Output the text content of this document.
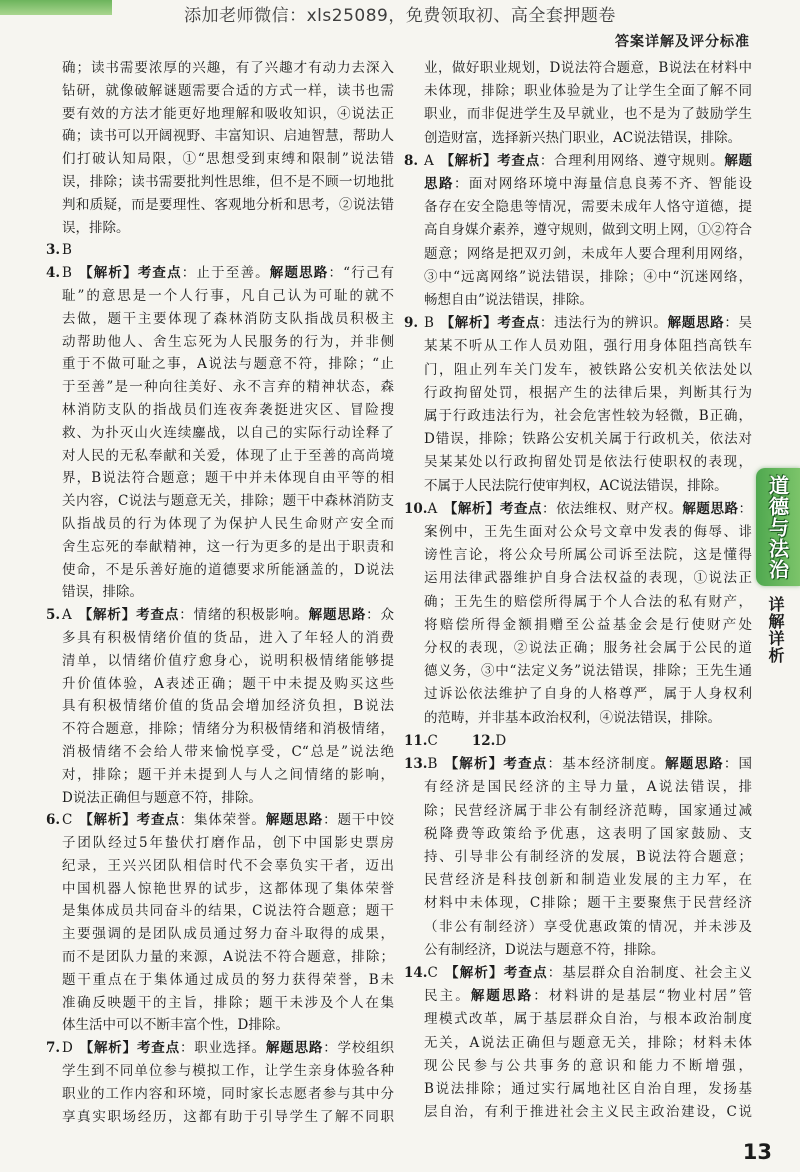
添加老师微信：xls25089，免费领取初、高全套押题卷
答案详解及评分标准
确；读书需要浓厚的兴趣，有了兴趣才有动力去深入
钻研，就像破解谜题需要合适的方式一样，读书也需
要有效的方法才能更好地理解和吸收知识，④说法正
确；读书可以开阔视野、丰富知识、启迪智慧，帮助人
们打破认知局限，①“思想受到束缚和限制”说法错
误，排除；读书需要批判性思维，但不是不顾一切地批
判和质疑，而是要理性、客观地分析和思考，②说法错
误，排除。
3. B
4. B 【解析】考查点：止于至善。解题思路：“行己有
耻”的意思是一个人行事，凡自己认为可耻的就不
去做，题干主要体现了森林消防支队指战员积极主
动帮助他人、舍生忘死为人民服务的行为，并非侧
重于不做可耻之事，A说法与题意不符，排除；“止
于至善”是一种向往美好、永不言弃的精神状态，森
林消防支队的指战员们连夜奔袭挺进灾区、冒险搜
救、为扑灭山火连续鏖战，以自己的实际行动诠释了
对人民的无私奉献和关爱，体现了止于至善的高尚境
界，B说法符合题意；题干中并未体现自由平等的相
关内容，C说法与题意无关，排除；题干中森林消防支
队指战员的行为体现了为保护人民生命财产安全而
舍生忘死的奉献精神，这一行为更多的是出于职责和
使命，不是乐善好施的道德要求所能涵盖的，D说法
错误，排除。
5. A 【解析】考查点：情绪的积极影响。解题思路：众
多具有积极情绪价值的货品，进入了年轻人的消费
清单，以情绪价值疗愈身心，说明积极情绪能够提
升价值体验，A表述正确；题干中未提及购买这些
具有积极情绪价值的货品会增加经济负担，B说法
不符合题意，排除；情绪分为积极情绪和消极情绪，
消极情绪不会给人带来愉悦享受，C“总是”说法绝
对，排除；题干并未提到人与人之间情绪的影响，
D说法正确但与题意不符，排除。
6. C 【解析】考查点：集体荣誉。解题思路：题干中饺
子团队经过5年蛰伏打磨作品，创下中国影史票房
纪录，王兴兴团队相信时代不会辜负实干者，迈出
中国机器人惊艳世界的试步，这都体现了集体荣誉
是集体成员共同奋斗的结果，C说法符合题意；题干
主要强调的是团队成员通过努力奋斗取得的成果，
而不是团队力量的来源，A说法不符合题意，排除；
题干重点在于集体通过成员的努力获得荣誉，B未
准确反映题干的主旨，排除；题干未涉及个人在集
体生活中可以不断丰富个性，D排除。
7. D 【解析】考查点：职业选择。解题思路：学校组织
学生到不同单位参与模拟工作，让学生亲身体验各种
职业的工作内容和环境，同时家长志愿者参与其中分
享真实职场经历，这都有助于引导学生了解不同职
业，做好职业规划，D说法符合题意，B说法在材料中
未体现，排除；职业体验是为了让学生全面了解不同
职业，而非促进学生及早就业，也不是为了鼓励学生
创造财富，选择新兴热门职业，AC说法错误，排除。
8. A 【解析】考查点：合理利用网络、遵守规则。解题
思路：面对网络环境中海量信息良莠不齐、智能设
备存在安全隐患等情况，需要未成年人恪守道德，提
高自身媒介素养，遵守规则，做到文明上网，①②符合
题意；网络是把双刃剑，未成年人要合理利用网络，
③中“远离网络”说法错误，排除；④中“沉迷网络，
畅想自由”说法错误，排除。
9. B 【解析】考查点：违法行为的辨识。解题思路：吴
某某不听从工作人员劝阻，强行用身体阻挡高铁车
门，阻止列车关门发车，被铁路公安机关依法处以
行政拘留处罚，根据产生的法律后果，判断其行为
属于行政违法行为，社会危害性较为轻微，B正确，
D错误，排除；铁路公安机关属于行政机关，依法对
吴某某处以行政拘留处罚是依法行使职权的表现，
不属于人民法院行使审判权，AC说法错误，排除。
10.A 【解析】考查点：依法维权、财产权。解题思路：
案例中，王先生面对公众号文章中发表的侮辱、诽
谤性言论，将公众号所属公司诉至法院，这是懂得
运用法律武器维护自身合法权益的表现，①说法正
确；王先生的赔偿所得属于个人合法的私有财产，
将赔偿所得金额捐赠至公益基金会是行使财产处
分权的表现，②说法正确；服务社会属于公民的道
德义务，③中“法定义务”说法错误，排除；王先生通
过诉讼依法维护了自身的人格尊严，属于人身权利
的范畴，并非基本政治权利，④说法错误，排除。
11.C	12.D
13.B 【解析】考查点：基本经济制度。解题思路：国
有经济是国民经济的主导力量，A说法错误，排
除；民营经济属于非公有制经济范畴，国家通过减
税降费等政策给予优惠，这表明了国家鼓励、支
持、引导非公有制经济的发展，B说法符合题意；
民营经济是科技创新和制造业发展的主力军，在
材料中未体现，C排除；题干主要聚焦于民营经济
（非公有制经济）享受优惠政策的情况，并未涉及
公有制经济，D说法与题意不符，排除。
14.C 【解析】考查点：基层群众自治制度、社会主义
民主。解题思路：材料讲的是基层“物业村居”管
理模式改革，属于基层群众自治，与根本政治制度
无关，A说法正确但与题意无关，排除；材料未体
现公民参与公共事务的意识和能力不断增强，
B说法排除；通过实行属地社区自治自理，发扬基
层自治，有利于推进社会主义民主政治建设，C说
道德与法治
详解详析
13
